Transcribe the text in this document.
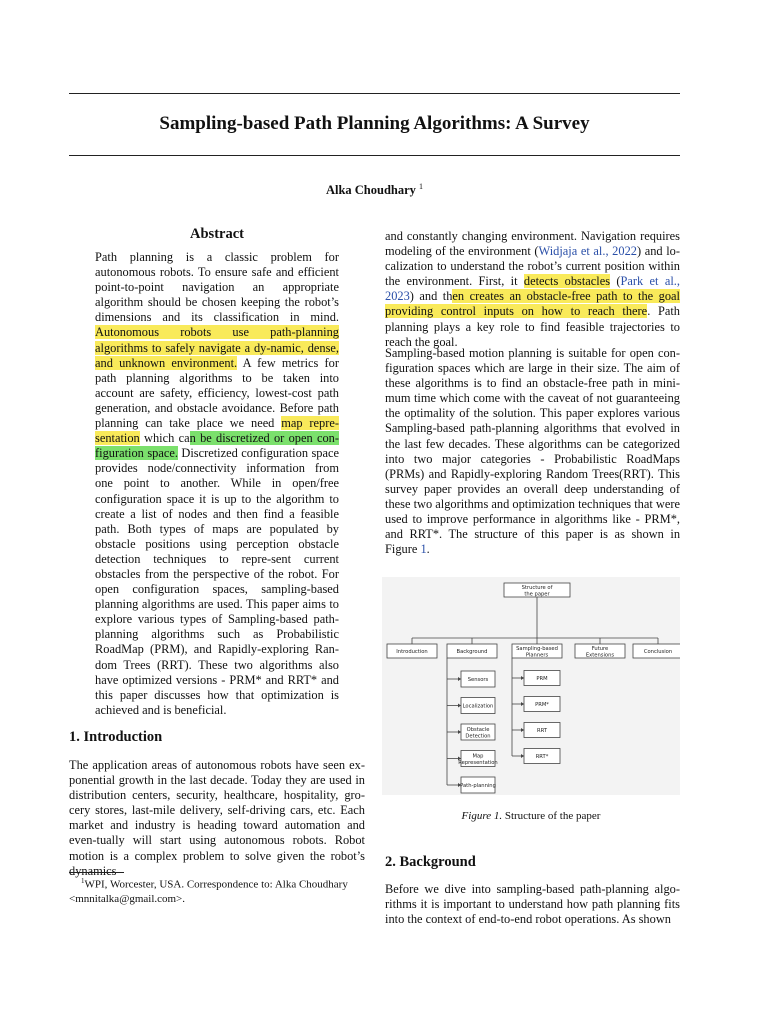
Sampling-based Path Planning Algorithms: A Survey
Alka Choudhary $^1$
Abstract

Path planning is a classic problem for autonomous robots. To ensure safe and efficient point-to-point navigation an appropriate algorithm should be chosen keeping the robot’s dimensions and its classification in mind. Autonomous robots use path-planning algorithms to safely navigate a dy-namic, dense, and unknown environment. A few metrics for path planning algorithms to be taken into account are safety, efficiency, lowest-cost path generation, and obstacle avoidance. Before path planning can take place we need map repre-sentation which can be discretized or open con-figuration space. Discretized configuration space provides node/connectivity information from one point to another. While in open/free configuration space it is up to the algorithm to create a list of nodes and then find a feasible path. Both types of maps are populated by obstacle positions using perception obstacle detection techniques to repre-sent current obstacles from the perspective of the robot. For open configuration spaces, sampling-based planning algorithms are used. This paper aims to explore various types of Sampling-based path-planning algorithms such as Probabilistic RoadMap (PRM), and Rapidly-exploring Ran-dom Trees (RRT). These two algorithms also have optimized versions - PRM* and RRT* and this paper discusses how that optimization is achieved and is beneficial.

1. Introduction

The application areas of autonomous robots have seen ex-ponential growth in the last decade. Today they are used in distribution centers, security, healthcare, hospitality, gro-cery stores, last-mile delivery, self-driving cars, etc. Each market and industry is heading toward automation and even-tually will start using autonomous robots. Robot motion is a complex problem to solve given the robot’s dynamics

$^1$WPI, Worcester, USA. Correspondence to: Alka Choudhary
<mnnitalka@gmail.com>.

and constantly changing environment. Navigation requires modeling of the environment (Widjaja et al., 2022) and lo- calization to understand the robot’s current position within the environment. First, it detects obstacles (Park et al., 2023) and then creates an obstacle-free path to the goal providing control inputs on how to reach there. Path planning plays a key role to find feasible trajectories to reach the goal.

Sampling-based motion planning is suitable for open con-figuration spaces which are large in their size. The aim of these algorithms is to find an obstacle-free path in mini-mum time which come with the caveat of not guaranteeing the optimality of the solution. This paper explores various Sampling-based path-planning algorithms that evolved in the last few decades. These algorithms can be categorized into two major categories - Probabilistic RoadMaps (PRMs) and Rapidly-exploring Random Trees(RRT). This survey paper provides an overall deep understanding of these two algorithms and optimization techniques that were used to improve performance in algorithms like - PRM*, and RRT*. The structure of this paper is as shown in Figure 1.

Structure of
the paper
Introduction	Background
Sampling-based
Planners
Future
Extensions
Conclusion
Sensors
Localization
Obstacle
Detection
Map
Representation
Path-planning
PRM
PRM*
RRT
RRT*
Figure 1. Structure of the paper
2. Background

Before we dive into sampling-based path-planning algo-rithms it is important to understand how path planning fits into the context of end-to-end robot operations. As shown
